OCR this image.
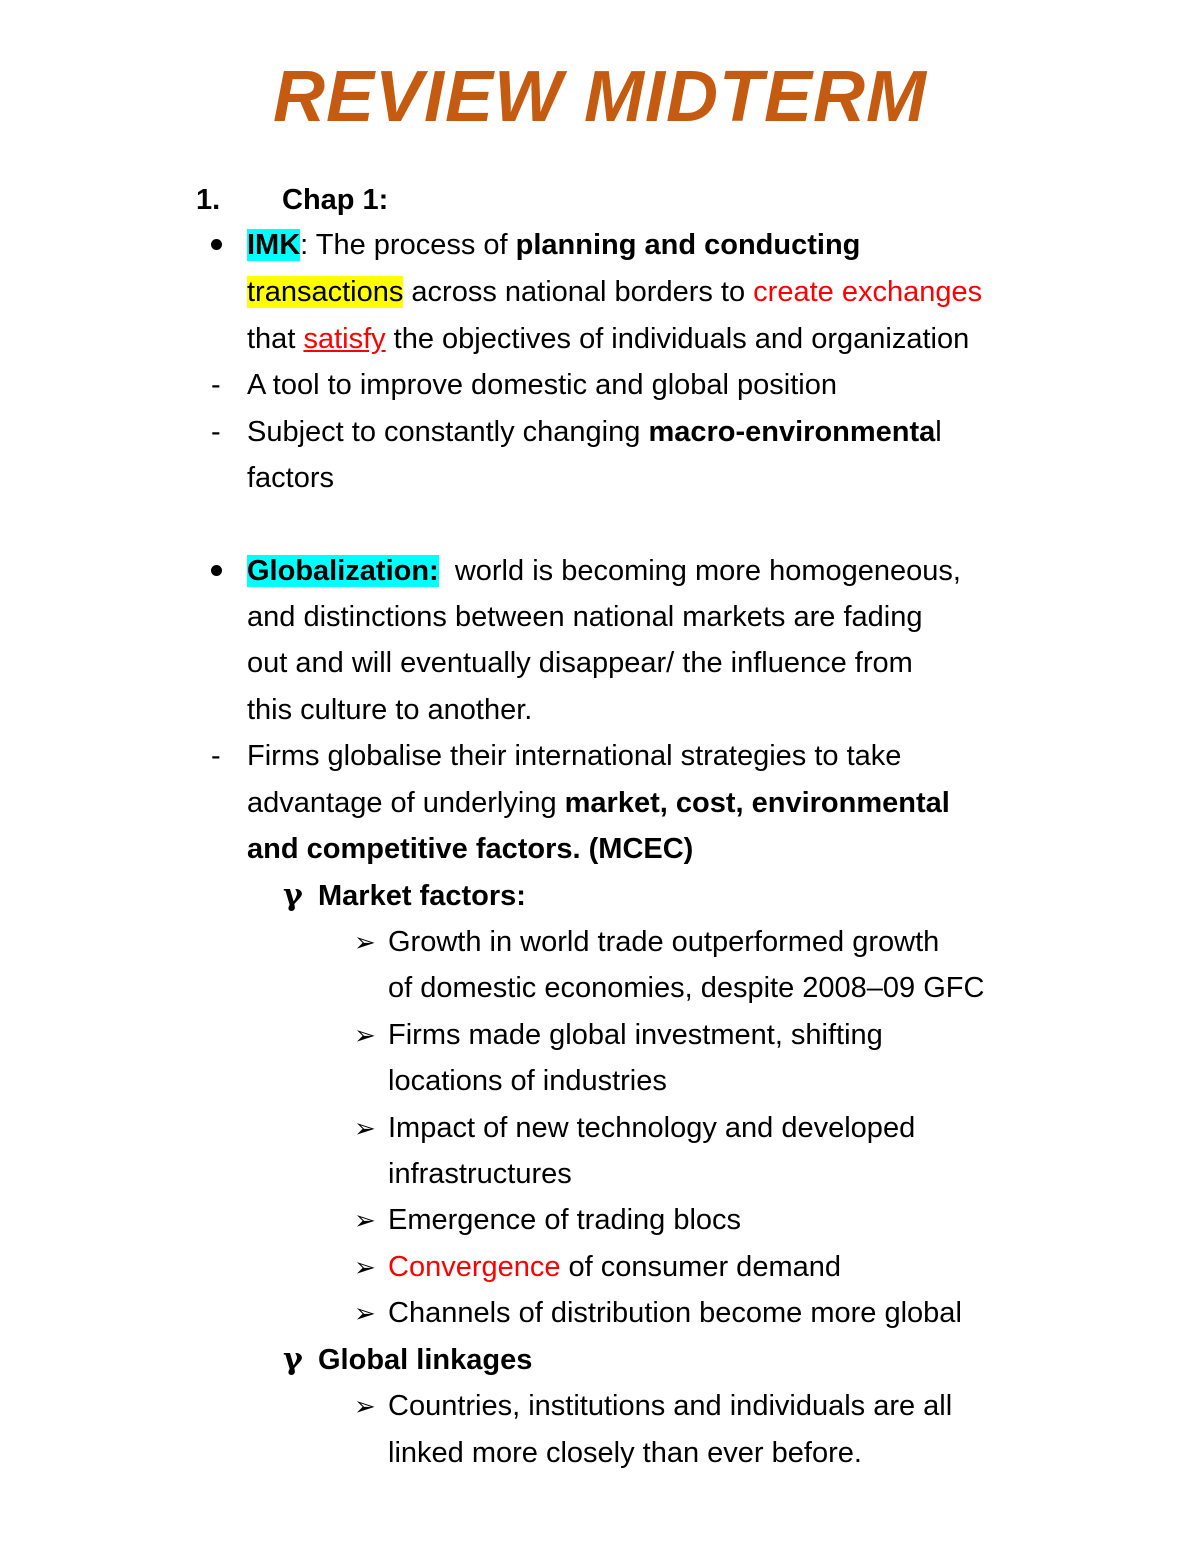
REVIEW MIDTERM
1. Chap 1:
IMK: The process of planning and conducting
transactions across national borders to create exchanges
that satisfy the objectives of individuals and organization
- A tool to improve domestic and global position
- Subject to constantly changing macro-environmental
factors
Globalization:  world is becoming more homogeneous,
and distinctions between national markets are fading
out and will eventually disappear/ the influence from
this culture to another.
- Firms globalise their international strategies to take
advantage of underlying market, cost, environmental
and competitive factors. (MCEC)
γ Market factors:
➢ Growth in world trade outperformed growth
of domestic economies, despite 2008–09 GFC
➢ Firms made global investment, shifting
locations of industries
➢ Impact of new technology and developed
infrastructures
➢ Emergence of trading blocs
➢ Convergence of consumer demand
➢ Channels of distribution become more global
γ Global linkages
➢ Countries, institutions and individuals are all
linked more closely than ever before.
